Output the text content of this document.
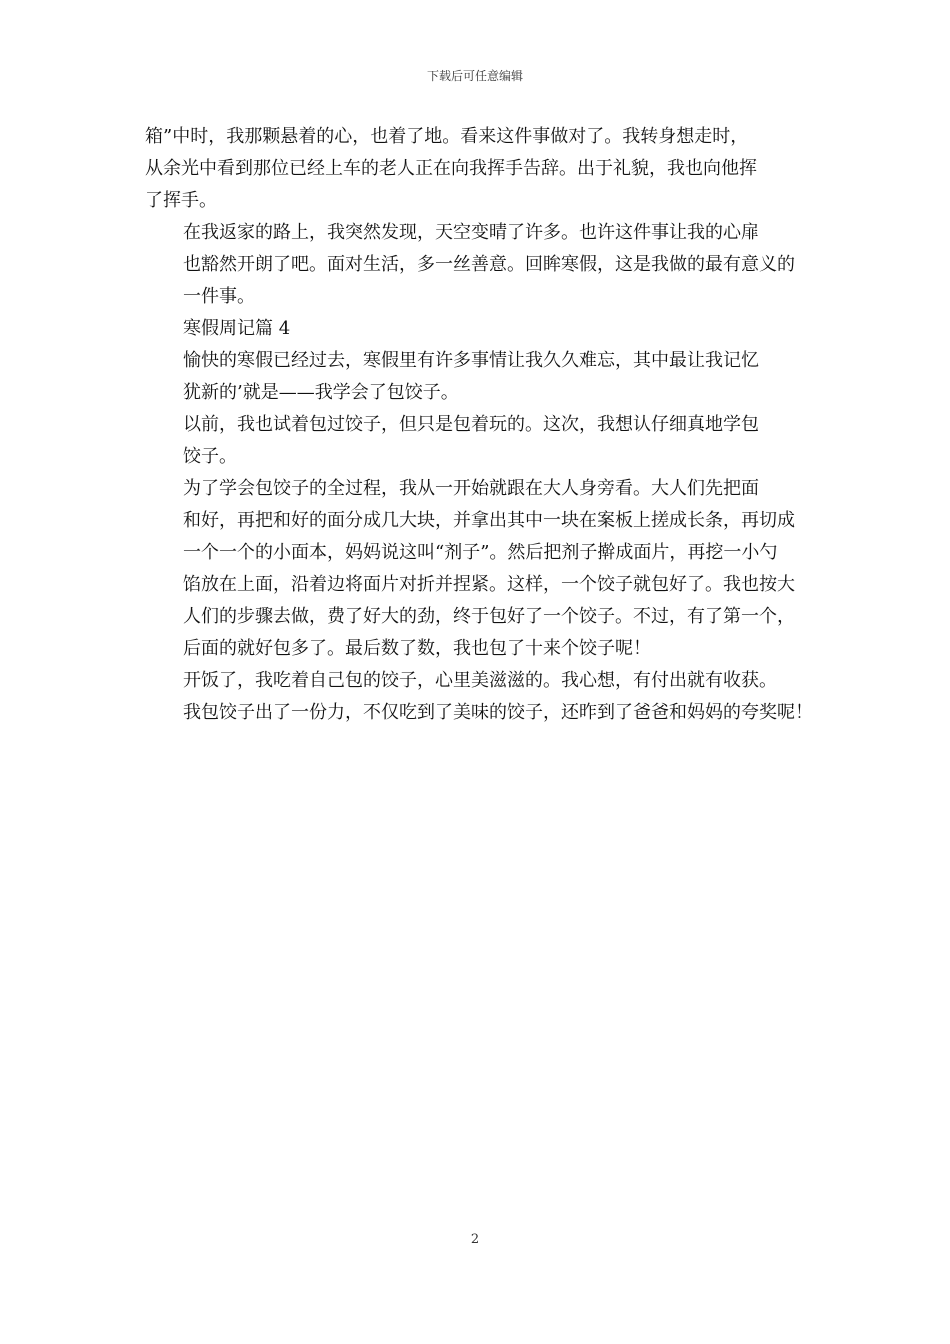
下载后可任意编辑

箱”中时，我那颗悬着的心，也着了地。看来这件事做对了。我转身想走时，
从余光中看到那位已经上车的老人正在向我挥手告辞。出于礼貌，我也向他挥
了挥手。

在我返家的路上，我突然发现，天空变晴了许多。也许这件事让我的心扉
也豁然开朗了吧。面对生活，多一丝善意。回眸寒假，这是我做的最有意义的
一件事。

寒假周记篇 4

愉快的寒假已经过去，寒假里有许多事情让我久久难忘，其中最让我记忆
犹新的’就是——我学会了包饺子。

以前，我也试着包过饺子，但只是包着玩的。这次，我想认仔细真地学包
饺子。

为了学会包饺子的全过程，我从一开始就跟在大人身旁看。大人们先把面
和好，再把和好的面分成几大块，并拿出其中一块在案板上搓成长条，再切成
一个一个的小面本，妈妈说这叫“剂子”。然后把剂子擀成面片，再挖一小勺
馅放在上面，沿着边将面片对折并捏紧。这样，一个饺子就包好了。我也按大
人们的步骤去做，费了好大的劲，终于包好了一个饺子。不过，有了第一个，
后面的就好包多了。最后数了数，我也包了十来个饺子呢！

开饭了，我吃着自己包的饺子，心里美滋滋的。我心想，有付出就有收获。
我包饺子出了一份力，不仅吃到了美味的饺子，还昨到了爸爸和妈妈的夸奖呢！

2
